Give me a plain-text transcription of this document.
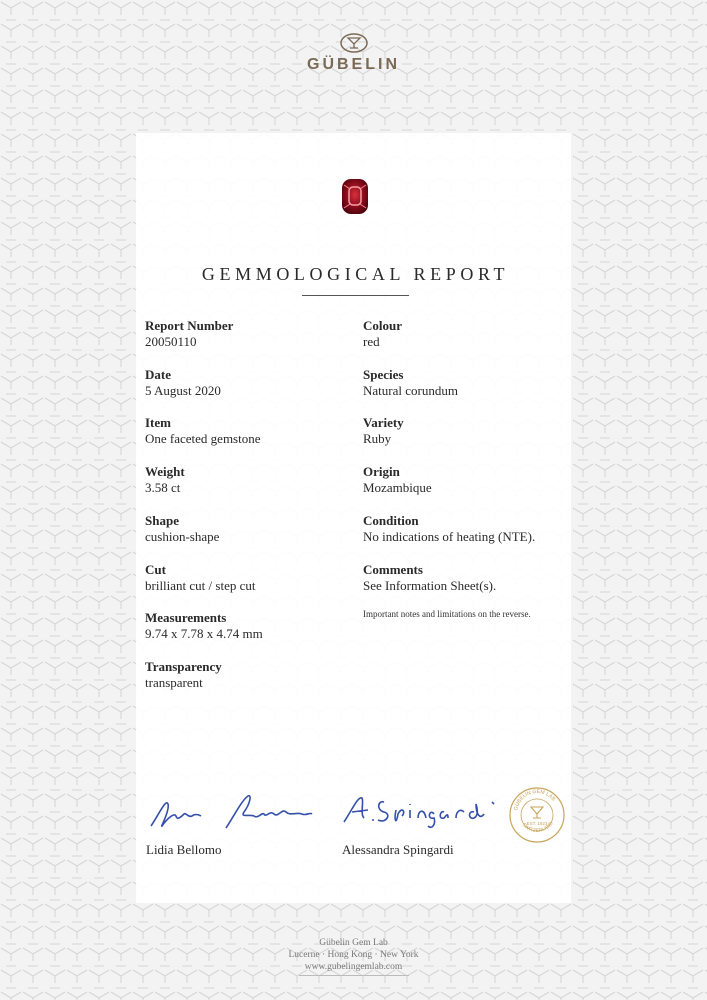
GÜBELIN
GEMMOLOGICAL REPORT
Report Number
20050110
Date
5 August 2020
Item
One faceted gemstone
Weight
3.58 ct
Shape
cushion-shape
Cut
brilliant cut / step cut
Measurements
9.74 x 7.78 x 4.74 mm
Transparency
transparent
Colour
red
Species
Natural corundum
Variety
Ruby
Origin
Mozambique
Condition
No indications of heating (NTE).
Comments
See Information Sheet(s).
Important notes and limitations on the reverse.
Lidia Bellomo	Alessandra Spingardi
GÜBELIN GEM LAB
SWITZERLAND
EST. 1923
Gübelin Gem Lab
Lucerne · Hong Kong · New York
www.gubelingemlab.com
